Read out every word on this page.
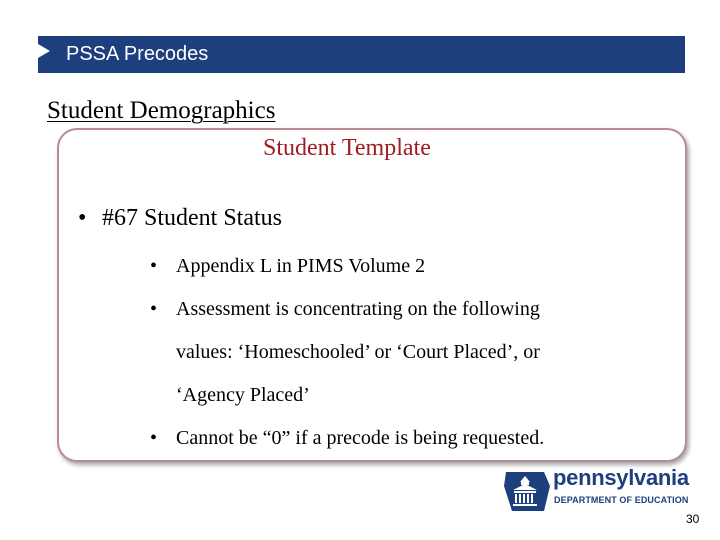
PSSA Precodes
Student Demographics
Student Template
• #67 Student Status
• Appendix L in PIMS Volume 2
• Assessment is concentrating on the following
values: ‘Homeschooled’ or ‘Court Placed’, or
‘Agency Placed’
• Cannot be “0” if a precode is being requested.
pennsylvania
DEPARTMENT OF EDUCATION
30
